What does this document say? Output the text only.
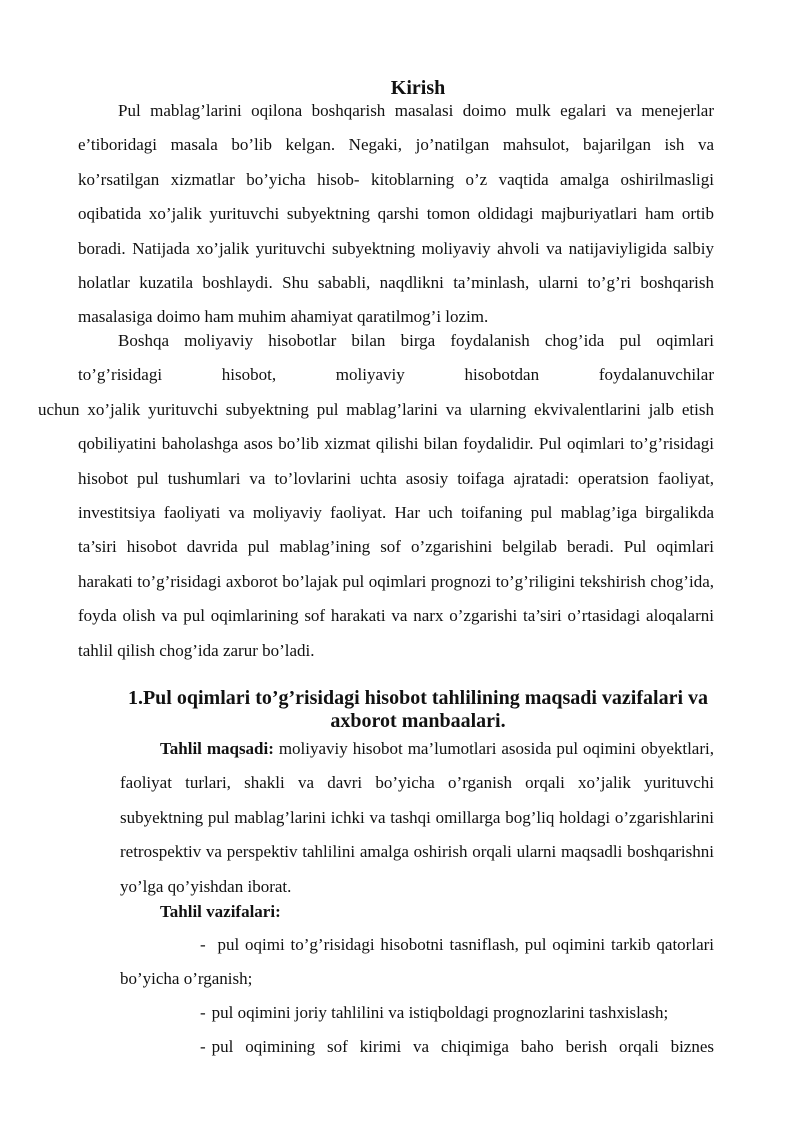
Kirish

Pul mablag’larini oqilona boshqarish masalasi doimo mulk egalari va menejerlar e’tiboridagi masala bo’lib kelgan. Negaki, jo’natilgan mahsulot, bajarilgan ish va ko’rsatilgan xizmatlar bo’yicha hisob- kitoblarning o’z vaqtida amalga oshirilmasligi oqibatida xo’jalik yurituvchi subyektning qarshi tomon oldidagi majburiyatlari ham ortib boradi. Natijada xo’jalik yurituvchi subyektning moliyaviy ahvoli va natijaviyligida salbiy holatlar kuzatila boshlaydi. Shu sababli, naqdlikni ta’minlash, ularni to’g’ri boshqarish masalasiga doimo ham muhim ahamiyat qaratilmog’i lozim.

Boshqa moliyaviy hisobotlar bilan birga foydalanish chog’ida pul oqimlari to’g’risidagi hisobot, moliyaviy hisobotdan foydalanuvchilar
uchun xo’jalik yurituvchi subyektning pul mablag’larini va ularning ekvivalentlarini jalb etish qobiliyatini baholashga asos bo’lib xizmat qilishi bilan foydalidir. Pul oqimlari to’g’risidagi hisobot pul tushumlari va to’lovlarini uchta asosiy toifaga ajratadi: operatsion faoliyat, investitsiya faoliyati va moliyaviy faoliyat. Har uch toifaning pul mablag’iga birgalikda ta’siri hisobot davrida pul mablag’ining sof o’zgarishini belgilab beradi. Pul oqimlari harakati to’g’risidagi axborot bo’lajak pul oqimlari prognozi to’g’riligini tekshirish chog’ida, foyda olish va pul oqimlarining sof harakati va narx o’zgarishi ta’siri o’rtasidagi aloqalarni tahlil qilish chog’ida zarur bo’ladi.

1.Pul oqimlari to’g’risidagi hisobot tahlilining maqsadi vazifalari va axborot manbaalari.

Tahlil maqsadi: moliyaviy hisobot ma’lumotlari asosida pul oqimini obyektlari, faoliyat turlari, shakli va davri bo’yicha o’rganish orqali xo’jalik yurituvchi subyektning pul mablag’larini ichki va tashqi omillarga bog’liq holdagi o’zgarishlarini retrospektiv va perspektiv tahlilini amalga oshirish orqali ularni maqsadli boshqarishni yo’lga qo’yishdan iborat.

Tahlil vazifalari:

- pul oqimi to’g’risidagi hisobotni tasniflash, pul oqimini tarkib qatorlari bo’yicha o’rganish;

- pul oqimini joriy tahlilini va istiqboldagi prognozlarini tashxislash;

- pul oqimining sof kirimi va chiqimiga baho berish orqali biznes
